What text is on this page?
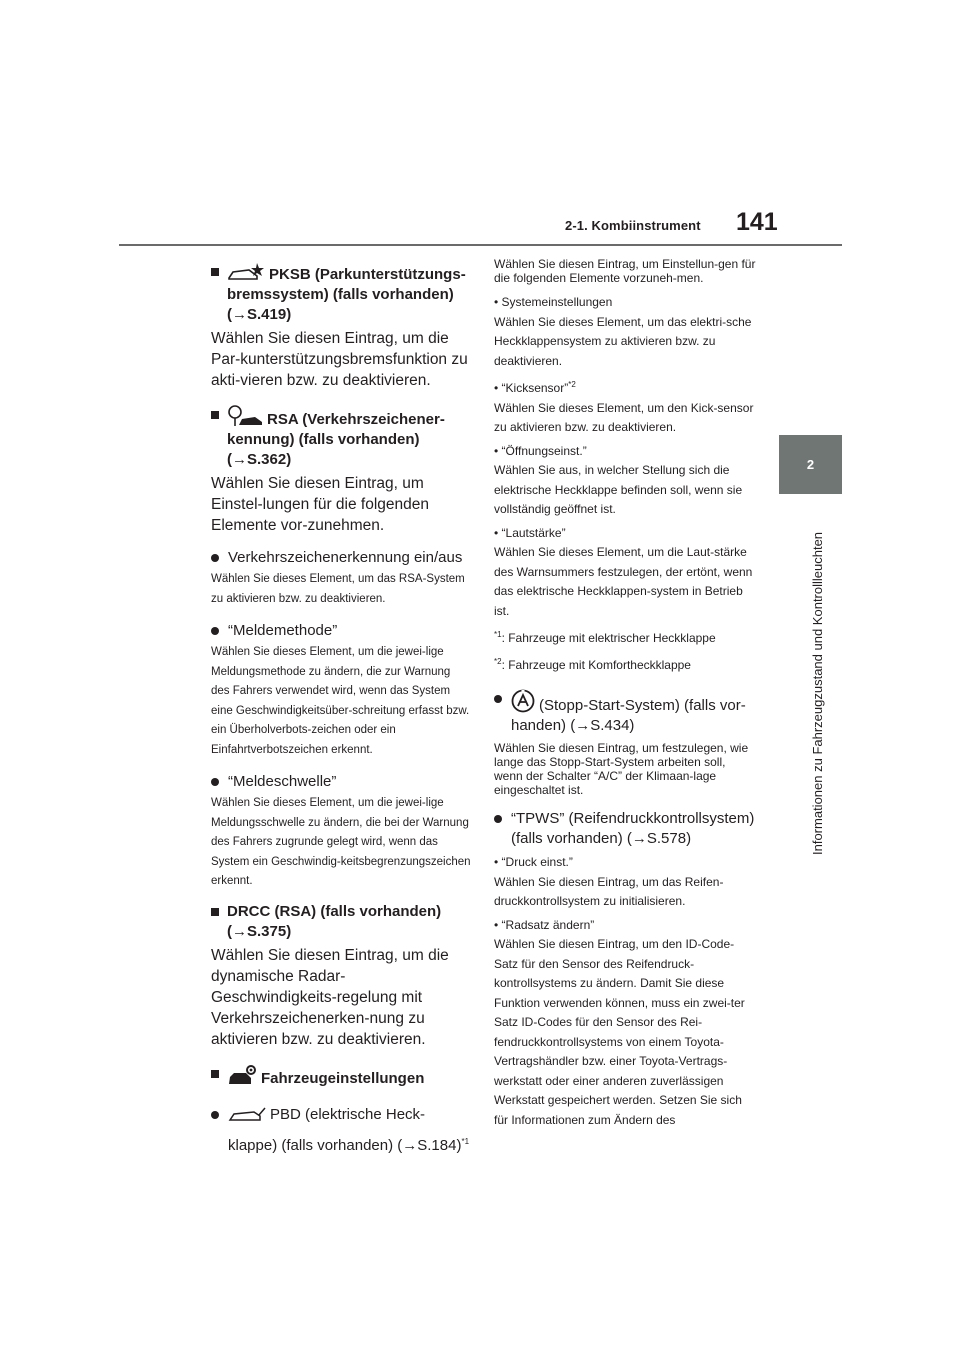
2-1. Kombiinstrument 141
2
Informationen zu Fahrzeugzustand und Kontrollleuchten
PKSB (Parkunterstützungs-bremssystem) (falls vorhanden) (→S.419)
Wählen Sie diesen Eintrag, um die Par-kunterstützungsbremsfunktion zu akti-vieren bzw. zu deaktivieren.
RSA (Verkehrszeichener-kennung) (falls vorhanden) (→S.362)
Wählen Sie diesen Eintrag, um Einstel-lungen für die folgenden Elemente vor-zunehmen.
Verkehrszeichenerkennung ein/aus
Wählen Sie dieses Element, um das RSA-System zu aktivieren bzw. zu deaktivieren.
“Meldemethode”
Wählen Sie dieses Element, um die jewei-lige Meldungsmethode zu ändern, die zur Warnung des Fahrers verwendet wird, wenn das System eine Geschwindigkeitsüber-schreitung erfasst bzw. ein Überholverbots-zeichen oder ein Einfahrtverbotszeichen erkennt.
“Meldeschwelle”
Wählen Sie dieses Element, um die jewei-lige Meldungsschwelle zu ändern, die bei der Warnung des Fahrers zugrunde gelegt wird, wenn das System ein Geschwindig-keitsbegrenzungszeichen erkennt.
DRCC (RSA) (falls vorhanden) (→S.375)
Wählen Sie diesen Eintrag, um die dynamische Radar-Geschwindigkeits-regelung mit Verkehrszeichenerken-nung zu aktivieren bzw. zu deaktivieren.
Fahrzeugeinstellungen
PBD (elektrische Heck-klappe) (falls vorhanden) $(\to S.184)^{*1}$
Wählen Sie diesen Eintrag, um Einstellun-gen für die folgenden Elemente vorzuneh-men.
• Systemeinstellungen
Wählen Sie dieses Element, um das elektri-sche Heckklappensystem zu aktivieren bzw. zu deaktivieren.
• “Kicksensor”$^{*2}$
Wählen Sie dieses Element, um den Kick-sensor zu aktivieren bzw. zu deaktivieren.
• “Öffnungseinst.”
Wählen Sie aus, in welcher Stellung sich die elektrische Heckklappe befinden soll, wenn sie vollständig geöffnet ist.
• “Lautstärke”
Wählen Sie dieses Element, um die Laut-stärke des Warnsummers festzulegen, der ertönt, wenn das elektrische Heckklappen-system in Betrieb ist.
$^{*1}$: Fahrzeuge mit elektrischer Heckklappe
$^{*2}$: Fahrzeuge mit Komfortheckklappe
(Stopp-Start-System) (falls vor-handen) (→S.434)
Wählen Sie diesen Eintrag, um festzulegen, wie lange das Stopp-Start-System arbeiten soll, wenn der Schalter “A/C” der Klimaan-lage eingeschaltet ist.
“TPWS” (Reifendruckkontrollsystem) (falls vorhanden) (→S.578)
• “Druck einst.”
Wählen Sie diesen Eintrag, um das Reifen-druckkontrollsystem zu initialisieren.
• “Radsatz ändern”
Wählen Sie diesen Eintrag, um den ID-Code-Satz für den Sensor des Reifendruck-kontrollsystems zu ändern. Damit Sie diese Funktion verwenden können, muss ein zwei-ter Satz ID-Codes für den Sensor des Rei-fendruckkontrollsystems von einem Toyota-Vertragshändler bzw. einer Toyota-Vertrags-werkstatt oder einer anderen zuverlässigen Werkstatt gespeichert werden. Setzen Sie sich für Informationen zum Ändern des
